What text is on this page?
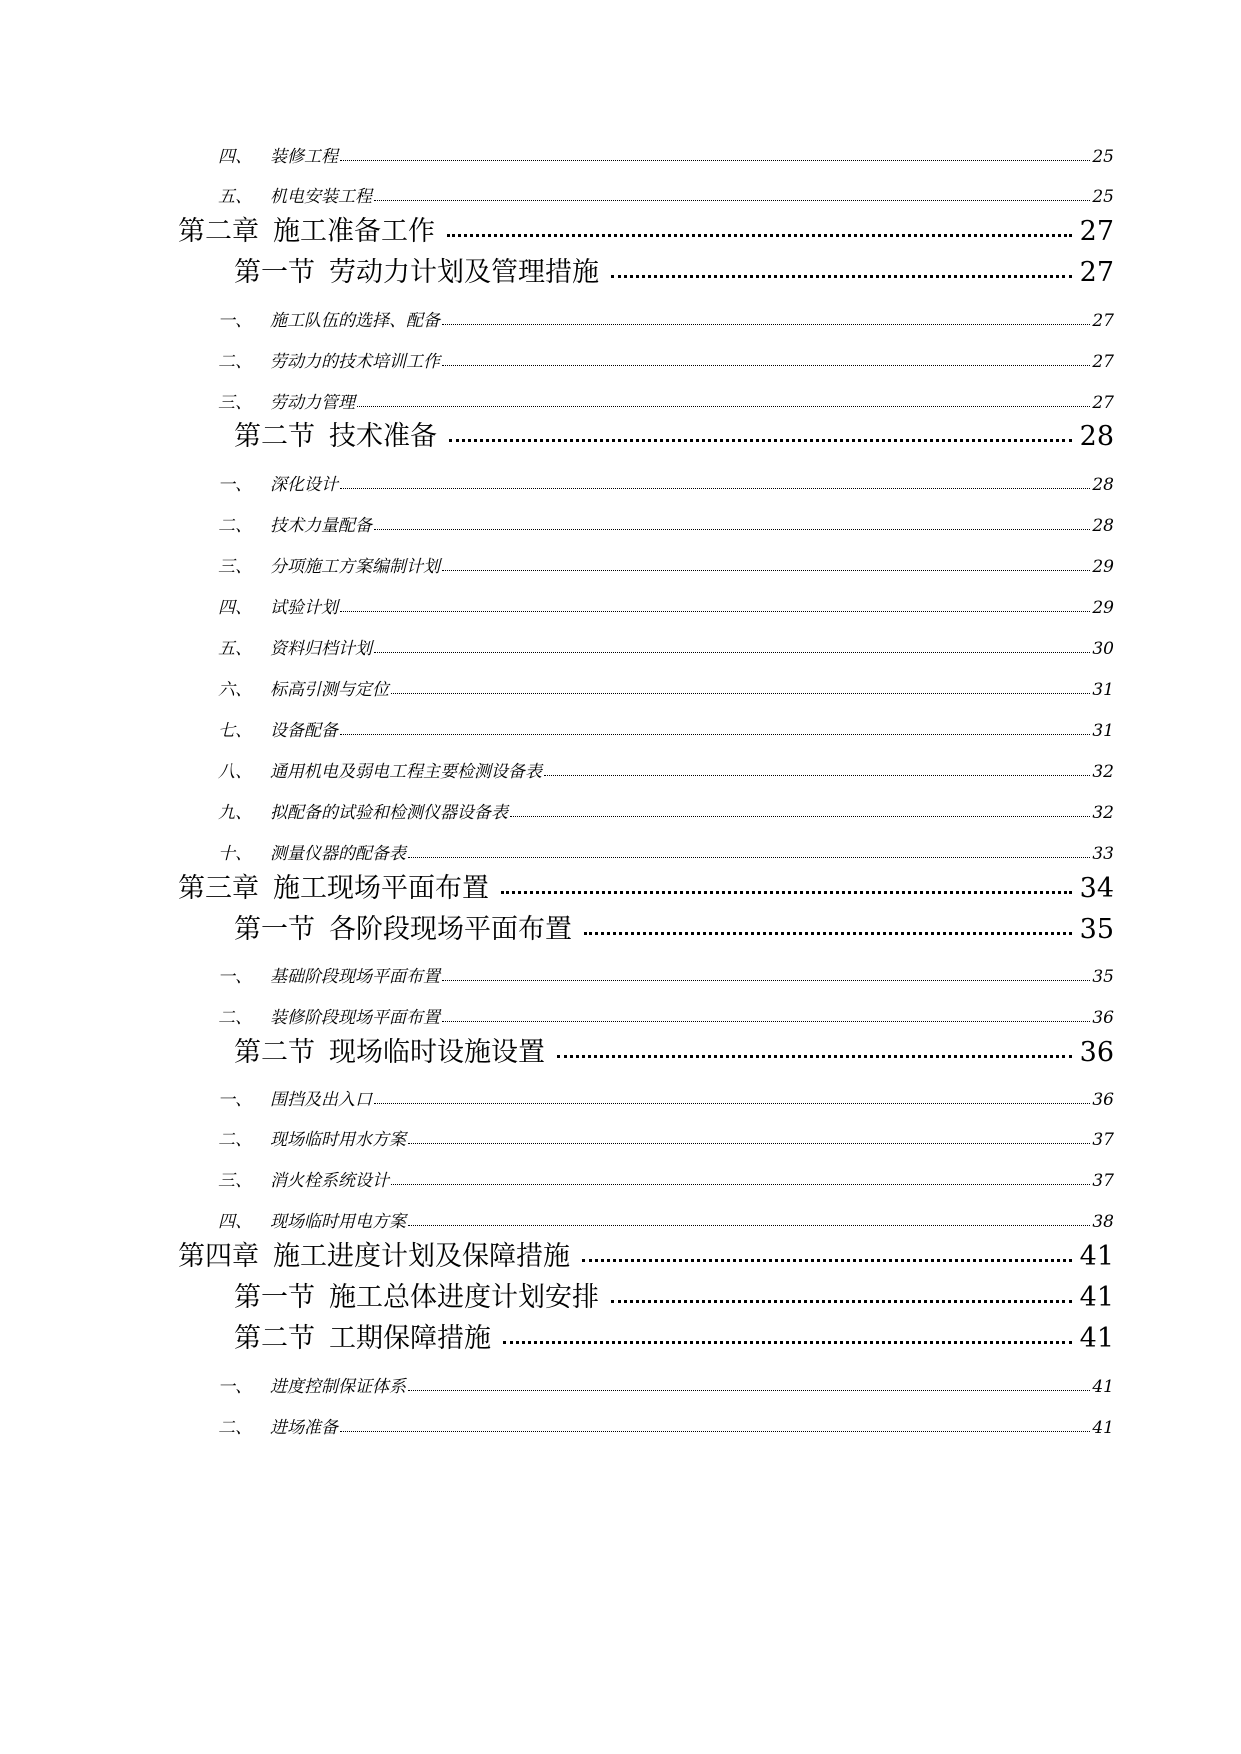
四、	装修工程	25
五、	机电安装工程	25
第二章 施工准备工作	27
第一节 劳动力计划及管理措施	27
一、	施工队伍的选择、配备	27
二、	劳动力的技术培训工作	27
三、	劳动力管理	27
第二节 技术准备	28
一、	深化设计	28
二、	技术力量配备	28
三、	分项施工方案编制计划	29
四、	试验计划	29
五、	资料归档计划	30
六、	标高引测与定位	31
七、	设备配备	31
八、	通用机电及弱电工程主要检测设备表	32
九、	拟配备的试验和检测仪器设备表	32
十、	测量仪器的配备表	33
第三章 施工现场平面布置	34
第一节 各阶段现场平面布置	35
一、	基础阶段现场平面布置	35
二、	装修阶段现场平面布置	36
第二节 现场临时设施设置	36
一、	围挡及出入口	36
二、	现场临时用水方案	37
三、	消火栓系统设计	37
四、	现场临时用电方案	38
第四章 施工进度计划及保障措施	41
第一节 施工总体进度计划安排	41
第二节 工期保障措施	41
一、	进度控制保证体系	41
二、	进场准备	41
